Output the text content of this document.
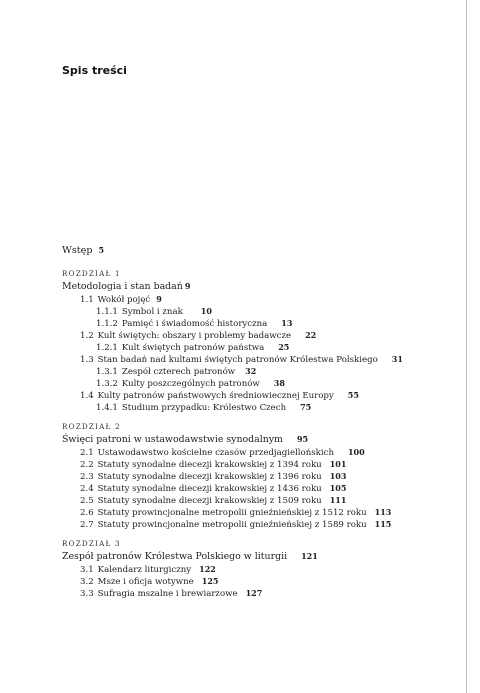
Spis treści
Wstęp 5
ROZDZIAŁ 1
Metodologia i stan badań 9
1.1 Wokół pojęć 9
1.1.1 Symbol i znak 10
1.1.2 Pamięć i świadomość historyczna 13
1.2 Kult świętych: obszary i problemy badawcze 22
1.2.1 Kult świętych patronów państwa 25
1.3 Stan badań nad kultami świętych patronów Królestwa Polskiego 31
1.3.1 Zespół czterech patronów 32
1.3.2 Kulty poszczególnych patronów 38
1.4 Kulty patronów państwowych średniowiecznej Europy 55
1.4.1 Studium przypadku: Królestwo Czech 75
ROZDZIAŁ 2
Święci patroni w ustawodawstwie synodalnym 95
2.1 Ustawodawstwo kościelne czasów przedjagiellońskich 100
2.2 Statuty synodalne diecezji krakowskiej z 1394 roku 101
2.3 Statuty synodalne diecezji krakowskiej z 1396 roku 103
2.4 Statuty synodalne diecezji krakowskiej z 1436 roku 105
2.5 Statuty synodalne diecezji krakowskiej z 1509 roku 111
2.6 Statuty prowincjonalne metropolii gnieźnieńskiej z 1512 roku 113
2.7 Statuty prowincjonalne metropolii gnieźnieńskiej z 1589 roku 115
ROZDZIAŁ 3
Zespół patronów Królestwa Polskiego w liturgii 121
3.1 Kalendarz liturgiczny 122
3.2 Msze i oficja wotywne 125
3.3 Sufragia mszalne i brewiarzowe 127
